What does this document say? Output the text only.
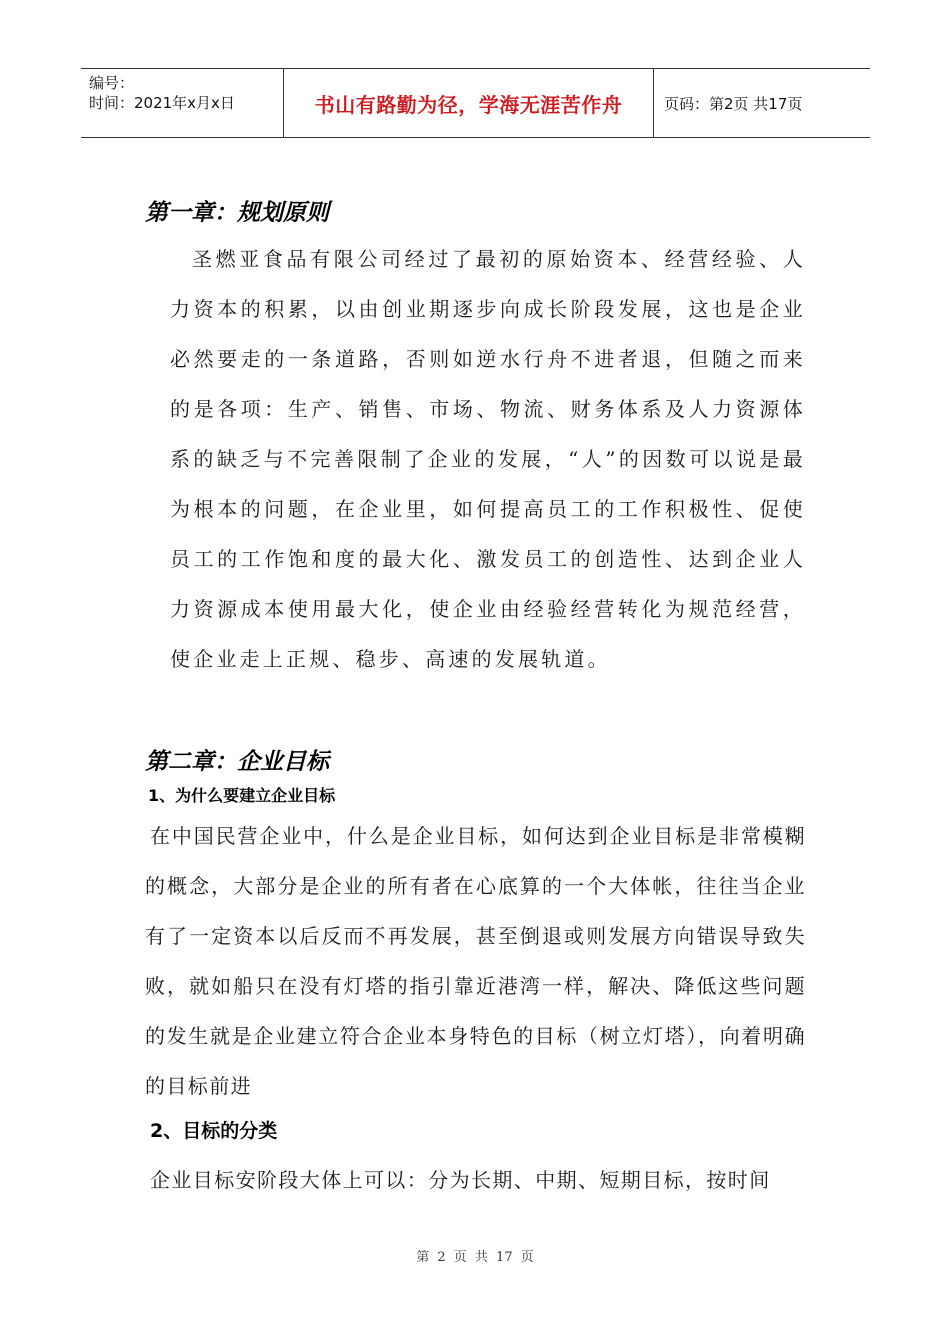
编号：
时间：2021年x月x日	书山有路勤为径，学海无涯苦作舟	页码：第2页 共17页
第一章：规划原则
圣燃亚食品有限公司经过了最初的原始资本、经营经验、人力资本的积累，以由创业期逐步向成长阶段发展，这也是企业必然要走的一条道路，否则如逆水行舟不进者退，但随之而来的是各项：生产、销售、市场、物流、财务体系及人力资源体系的缺乏与不完善限制了企业的发展，“人”的因数可以说是最为根本的问题，在企业里，如何提高员工的工作积极性、促使员工的工作饱和度的最大化、激发员工的创造性、达到企业人力资源成本使用最大化，使企业由经验经营转化为规范经营，使企业走上正规、稳步、高速的发展轨道。
第二章：企业目标
1、为什么要建立企业目标
在中国民营企业中，什么是企业目标，如何达到企业目标是非常模糊的概念，大部分是企业的所有者在心底算的一个大体帐，往往当企业有了一定资本以后反而不再发展，甚至倒退或则发展方向错误导致失败，就如船只在没有灯塔的指引靠近港湾一样，解决、降低这些问题的发生就是企业建立符合企业本身特色的目标（树立灯塔），向着明确的目标前进
2、目标的分类
企业目标安阶段大体上可以：分为长期、中期、短期目标，按时间
第 2 页 共 17 页
